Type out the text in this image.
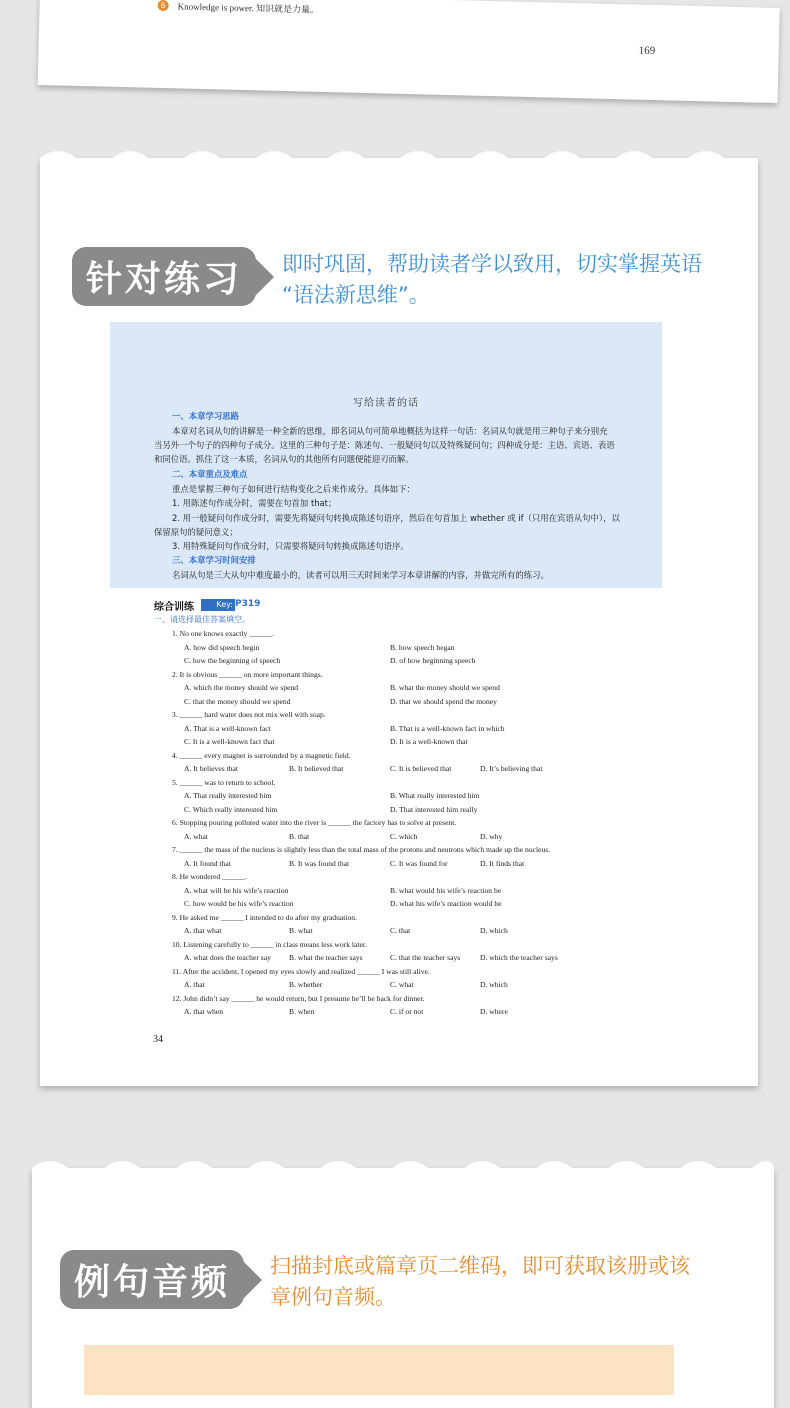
6	Knowledge is power. 知识就是力量。
169
针对练习	即时巩固，帮助读者学以致用，切实掌握英语
“语法新思维”。
写给读者的话
一、本章学习思路
本章对名词从句的讲解是一种全新的思维，即名词从句可简单地概括为这样一句话：名词从句就是用三种句子来分别充
当另外一个句子的四种句子成分。这里的三种句子是：陈述句、一般疑问句以及特殊疑问句；四种成分是：主语、宾语、表语
和同位语。抓住了这一本质，名词从句的其他所有问题便能迎刃而解。
二、本章重点及难点
重点是掌握三种句子如何进行结构变化之后来作成分。具体如下：
1. 用陈述句作成分时，需要在句首加 that；
2. 用一般疑问句作成分时，需要先将疑问句转换成陈述句语序，然后在句首加上 whether 或 if（只用在宾语从句中），以
保留原句的疑问意义；
3. 用特殊疑问句作成分时，只需要将疑问句转换成陈述句语序。
三、本章学习时间安排
名词从句是三大从句中难度最小的，读者可以用三天时间来学习本章讲解的内容，并做完所有的练习。
综合训练	Key: P319
一、请选择最佳答案填空。
1. No one knows exactly ______.
A. how did speech begin	B. how speech began
C. how the beginning of speech	D. of how beginning speech
2. It is obvious ______ on more important things.
A. which the money should we spend	B. what the money should we spend
C. that the money should we spend	D. that we should spend the money
3. ______ hard water does not mix well with soap.
A. That is a well-known fact	B. That is a well-known fact in which
C. It is a well-known fact that	D. It is a well-known that
4. ______ every magnet is surrounded by a magnetic field.
A. It believes that	B. It believed that	C. It is believed that	D. It’s believing that
5. ______ was to return to school.
A. That really interested him	B. What really interested him
C. Which really interested him	D. That interested him really
6. Stopping pouring polluted water into the river is ______ the factory has to solve at present.
A. what	B. that	C. which	D. why
7. ______ the mass of the nucleus is slightly less than the total mass of the protons and neutrons which made up the nucleus.
A. It found that	B. It was found that	C. It was found for	D. It finds that
8. He wondered ______.
A. what will be his wife’s reaction	B. what would his wife’s reaction be
C. how would be his wife’s reaction	D. what his wife’s reaction would be
9. He asked me ______ I intended to do after my graduation.
A. that what	B. what	C. that	D. which
10. Listening carefully to ______ in class means less work later.
A. what does the teacher say B. what the teacher says	C. that the teacher says	D. which the teacher says
11. After the accident, I opened my eyes slowly and realized ______ I was still alive.
A. that	B. whether	C. what	D. which
12. John didn’t say ______ he would return, but I presume he’ll be back for dinner.
A. that when	B. when	C. if or not	D. where
34
例句音频	扫描封底或篇章页二维码，即可获取该册或该
章例句音频。
